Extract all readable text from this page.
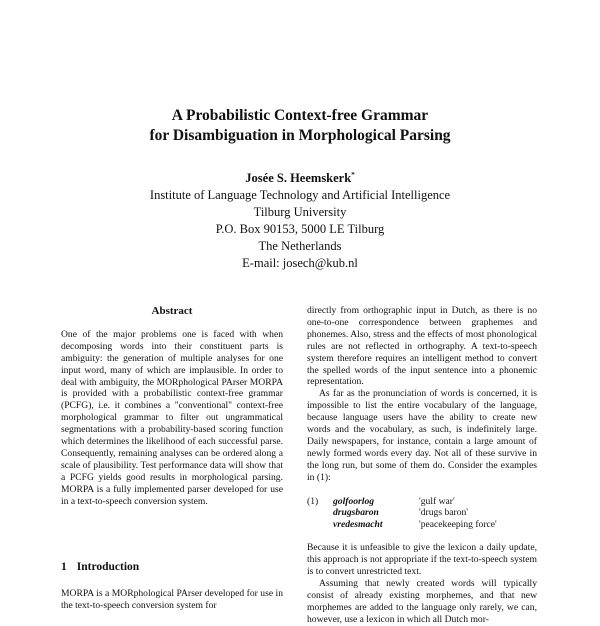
A Probabilistic Context-free Grammar
for Disambiguation in Morphological Parsing
Josée S. Heemskerk*
Institute of Language Technology and Artificial Intelligence
Tilburg University
P.O. Box 90153, 5000 LE Tilburg
The Netherlands
E-mail: josech@kub.nl
Abstract

One of the major problems one is faced with when decomposing words into their constituent parts is ambiguity: the generation of multiple analyses for one input word, many of which are implausible. In order to deal with ambiguity, the MORphological PArser MORPA is provided with a probabilistic context-free grammar (PCFG), i.e. it combines a "conventional" context-free morphological grammar to filter out ungrammatical segmentations with a probability-based scoring function which determines the likelihood of each successful parse. Consequently, remaining analyses can be ordered along a scale of plausibility. Test performance data will show that a PCFG yields good results in morphological parsing. MORPA is a fully implemented parser developed for use in a text-to-speech conversion system.

1 Introduction

MORPA is a MORphological PArser developed for use in the text-to-speech conversion system for

directly from orthographic input in Dutch, as there is no one-to-one correspondence between graphemes and phonemes. Also, stress and the effects of most phonological rules are not reflected in orthography. A text-to-speech system therefore requires an intelligent method to convert the spelled words of the input sentence into a phonemic representation.

As far as the pronunciation of words is concerned, it is impossible to list the entire vocabulary of the language, because language users have the ability to create new words and the vocabulary, as such, is indefinitely large. Daily newspapers, for instance, contain a large amount of newly formed words every day. Not all of these survive in the long run, but some of them do. Consider the examples in (1):

(1)	golfoorlog	'gulf war'
drugsbaron	'drugs baron'
vredesmacht	'peacekeeping force'

Because it is unfeasible to give the lexicon a daily update, this approach is not appropriate if the text-to-speech system is to convert unrestricted text.

Assuming that newly created words will typically consist of already existing morphemes, and that new morphemes are added to the language only rarely, we can, however, use a lexicon in which all Dutch mor-
